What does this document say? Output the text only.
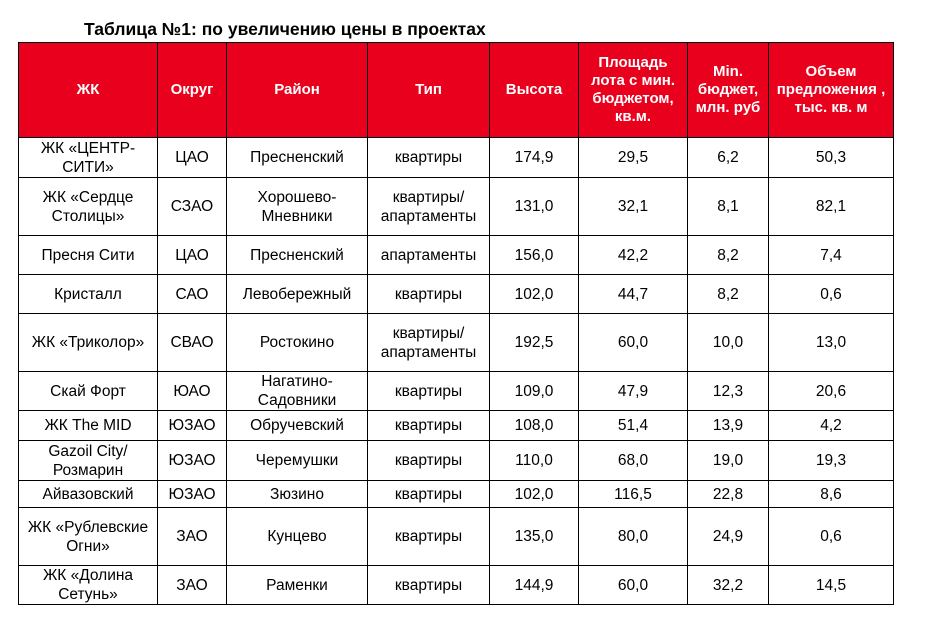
Таблица №1: по увеличению цены в проектах
ЖК	Округ	Район	Тип	Высота	Площадь лота с мин. бюджетом, кв.м.	Min. бюджет, млн. руб	Объем предложения , тыс. кв. м
ЖК «ЦЕНТР-СИТИ»	ЦАО	Пресненский	квартиры	174,9	29,5	6,2	50,3
ЖК «Сердце Столицы»	СЗАО	Хорошево-Мневники	квартиры/апартаменты	131,0	32,1	8,1	82,1
Пресня Сити	ЦАО	Пресненский	апартаменты	156,0	42,2	8,2	7,4
Кристалл	САО	Левобережный	квартиры	102,0	44,7	8,2	0,6
ЖК «Триколор»	СВАО	Ростокино	квартиры/апартаменты	192,5	60,0	10,0	13,0
Скай Форт	ЮАО	Нагатино-Садовники	квартиры	109,0	47,9	12,3	20,6
ЖК The MID	ЮЗАО	Обручевский	квартиры	108,0	51,4	13,9	4,2
Gazoil City/Розмарин	ЮЗАО	Черемушки	квартиры	110,0	68,0	19,0	19,3
Айвазовский	ЮЗАО	Зюзино	квартиры	102,0	116,5	22,8	8,6
ЖК «Рублевские Огни»	ЗАО	Кунцево	квартиры	135,0	80,0	24,9	0,6
ЖК «Долина Сетунь»	ЗАО	Раменки	квартиры	144,9	60,0	32,2	14,5
